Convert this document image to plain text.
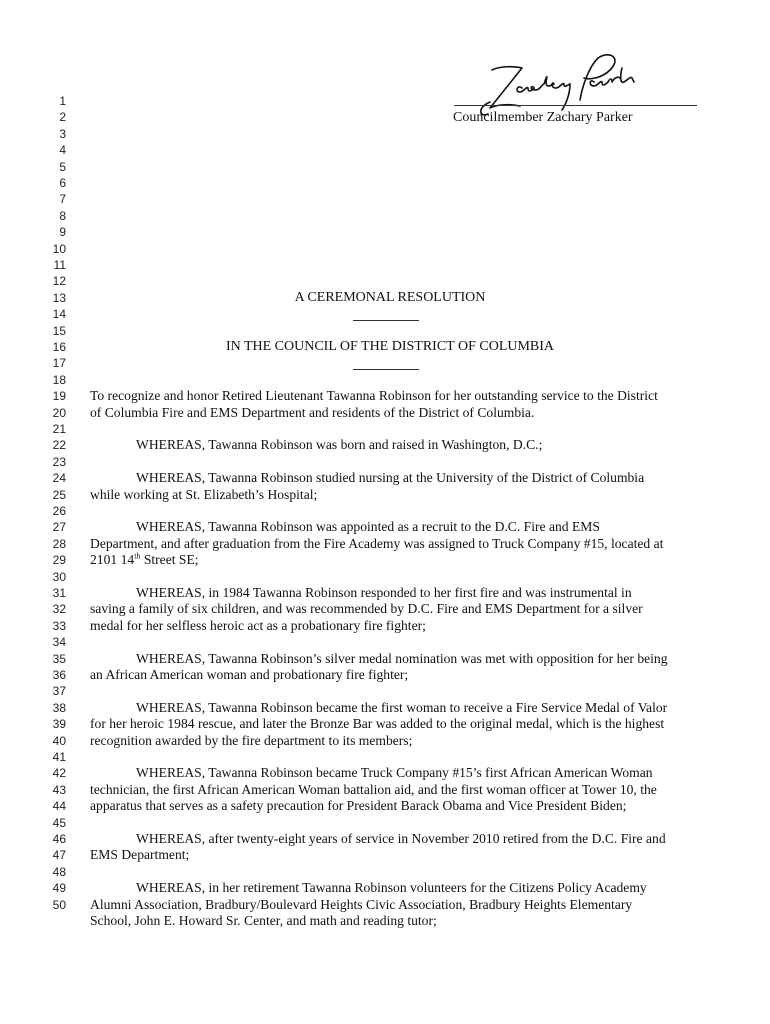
Councilmember Zachary Parker
1
2
3
4
5
6
7
8
9
10
11
12
13
14
15
16
17
18
19
20
21
22
23
24
25
26
27
28
29
30
31
32
33
34
35
36
37
38
39
40
41
42
43
44
45
46
47
48
49
50
A CEREMONAL RESOLUTION
IN THE COUNCIL OF THE DISTRICT OF COLUMBIA
To recognize and honor Retired Lieutenant Tawanna Robinson for her outstanding service to the District
of Columbia Fire and EMS Department and residents of the District of Columbia.
WHEREAS, Tawanna Robinson was born and raised in Washington, D.C.;
WHEREAS, Tawanna Robinson studied nursing at the University of the District of Columbia
while working at St. Elizabeth’s Hospital;
WHEREAS, Tawanna Robinson was appointed as a recruit to the D.C. Fire and EMS
Department, and after graduation from the Fire Academy was assigned to Truck Company #15, located at
2101 14th Street SE;
WHEREAS, in 1984 Tawanna Robinson responded to her first fire and was instrumental in
saving a family of six children, and was recommended by D.C. Fire and EMS Department for a silver
medal for her selfless heroic act as a probationary fire fighter;
WHEREAS, Tawanna Robinson’s silver medal nomination was met with opposition for her being
an African American woman and probationary fire fighter;
WHEREAS, Tawanna Robinson became the first woman to receive a Fire Service Medal of Valor
for her heroic 1984 rescue, and later the Bronze Bar was added to the original medal, which is the highest
recognition awarded by the fire department to its members;
WHEREAS, Tawanna Robinson became Truck Company #15’s first African American Woman
technician, the first African American Woman battalion aid, and the first woman officer at Tower 10, the
apparatus that serves as a safety precaution for President Barack Obama and Vice President Biden;
WHEREAS, after twenty-eight years of service in November 2010 retired from the D.C. Fire and
EMS Department;
WHEREAS, in her retirement Tawanna Robinson volunteers for the Citizens Policy Academy
Alumni Association, Bradbury/Boulevard Heights Civic Association, Bradbury Heights Elementary
School, John E. Howard Sr. Center, and math and reading tutor;
